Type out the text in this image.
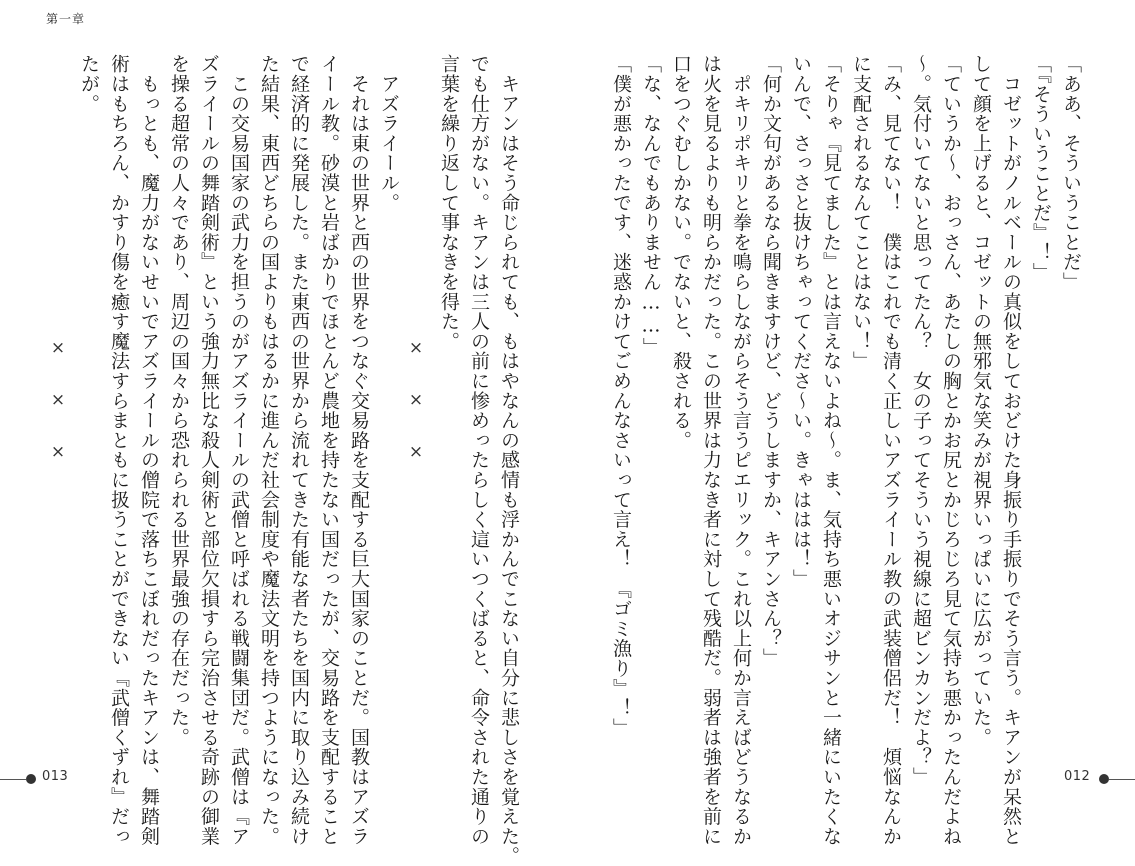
第一章
「ああ、そういうことだ」
「『そういうことだ』！」
　コゼットがノルベールの真似をしておどけた身振り手振りでそう言う。キアンが呆然と
して顔を上げると、コゼットの無邪気な笑みが視界いっぱいに広がっていた。
「ていうか～、おっさん、あたしの胸とかお尻とかじろじろ見て気持ち悪かったんだよね
～。気付いてないと思ってたん？　女の子ってそういう視線に超ビンカンだよ？」
「み、見てない！　僕はこれでも清く正しいアズライール教の武装僧侶だ！　煩悩なんか
に支配されるなんてことはない！」
「そりゃ『見てました』とは言えないよね～。ま、気持ち悪いオジサンと一緒にいたくな
いんで、さっさと抜けちゃってくださ～い。きゃははは！」
「何か文句があるなら聞きますけど、どうしますか、キアンさん？」
　ポキリポキリと拳を鳴らしながらそう言うピエリック。これ以上何か言えばどうなるか
は火を見るよりも明らかだった。この世界は力なき者に対して残酷だ。弱者は強者を前に
口をつぐむしかない。でないと、殺される。
「な、なんでもありません……」
「僕が悪かったです、迷惑かけてごめんなさいって言え！　『ゴミ漁り』！」
　キアンはそう命じられても、もはやなんの感情も浮かんでこない自分に悲しさを覚えた。
でも仕方がない。キアンは三人の前に惨めったらしく這いつくばると、命令された通りの
言葉を繰り返して事なきを得た。
　アズライール。
　それは東の世界と西の世界をつなぐ交易路を支配する巨大国家のことだ。国教はアズラ
イール教。砂漠と岩ばかりでほとんど農地を持たない国だったが、交易路を支配すること
で経済的に発展した。また東西の世界から流れてきた有能な者たちを国内に取り込み続け
た結果、東西どちらの国よりもはるかに進んだ社会制度や魔法文明を持つようになった。
　この交易国家の武力を担うのがアズライールの武僧と呼ばれる戦闘集団だ。武僧は『ア
ズライールの舞踏剣術』という強力無比な殺人剣術と部位欠損すら完治させる奇跡の御業
を操る超常の人々であり、周辺の国々から恐れられる世界最強の存在だった。
　もっとも、魔力がないせいでアズライールの僧院で落ちこぼれだったキアンは、舞踏剣
術はもちろん、かすり傷を癒す魔法すらまともに扱うことができない『武僧くずれ』だっ
たが。
×
×
×
×
×
×
013	012
